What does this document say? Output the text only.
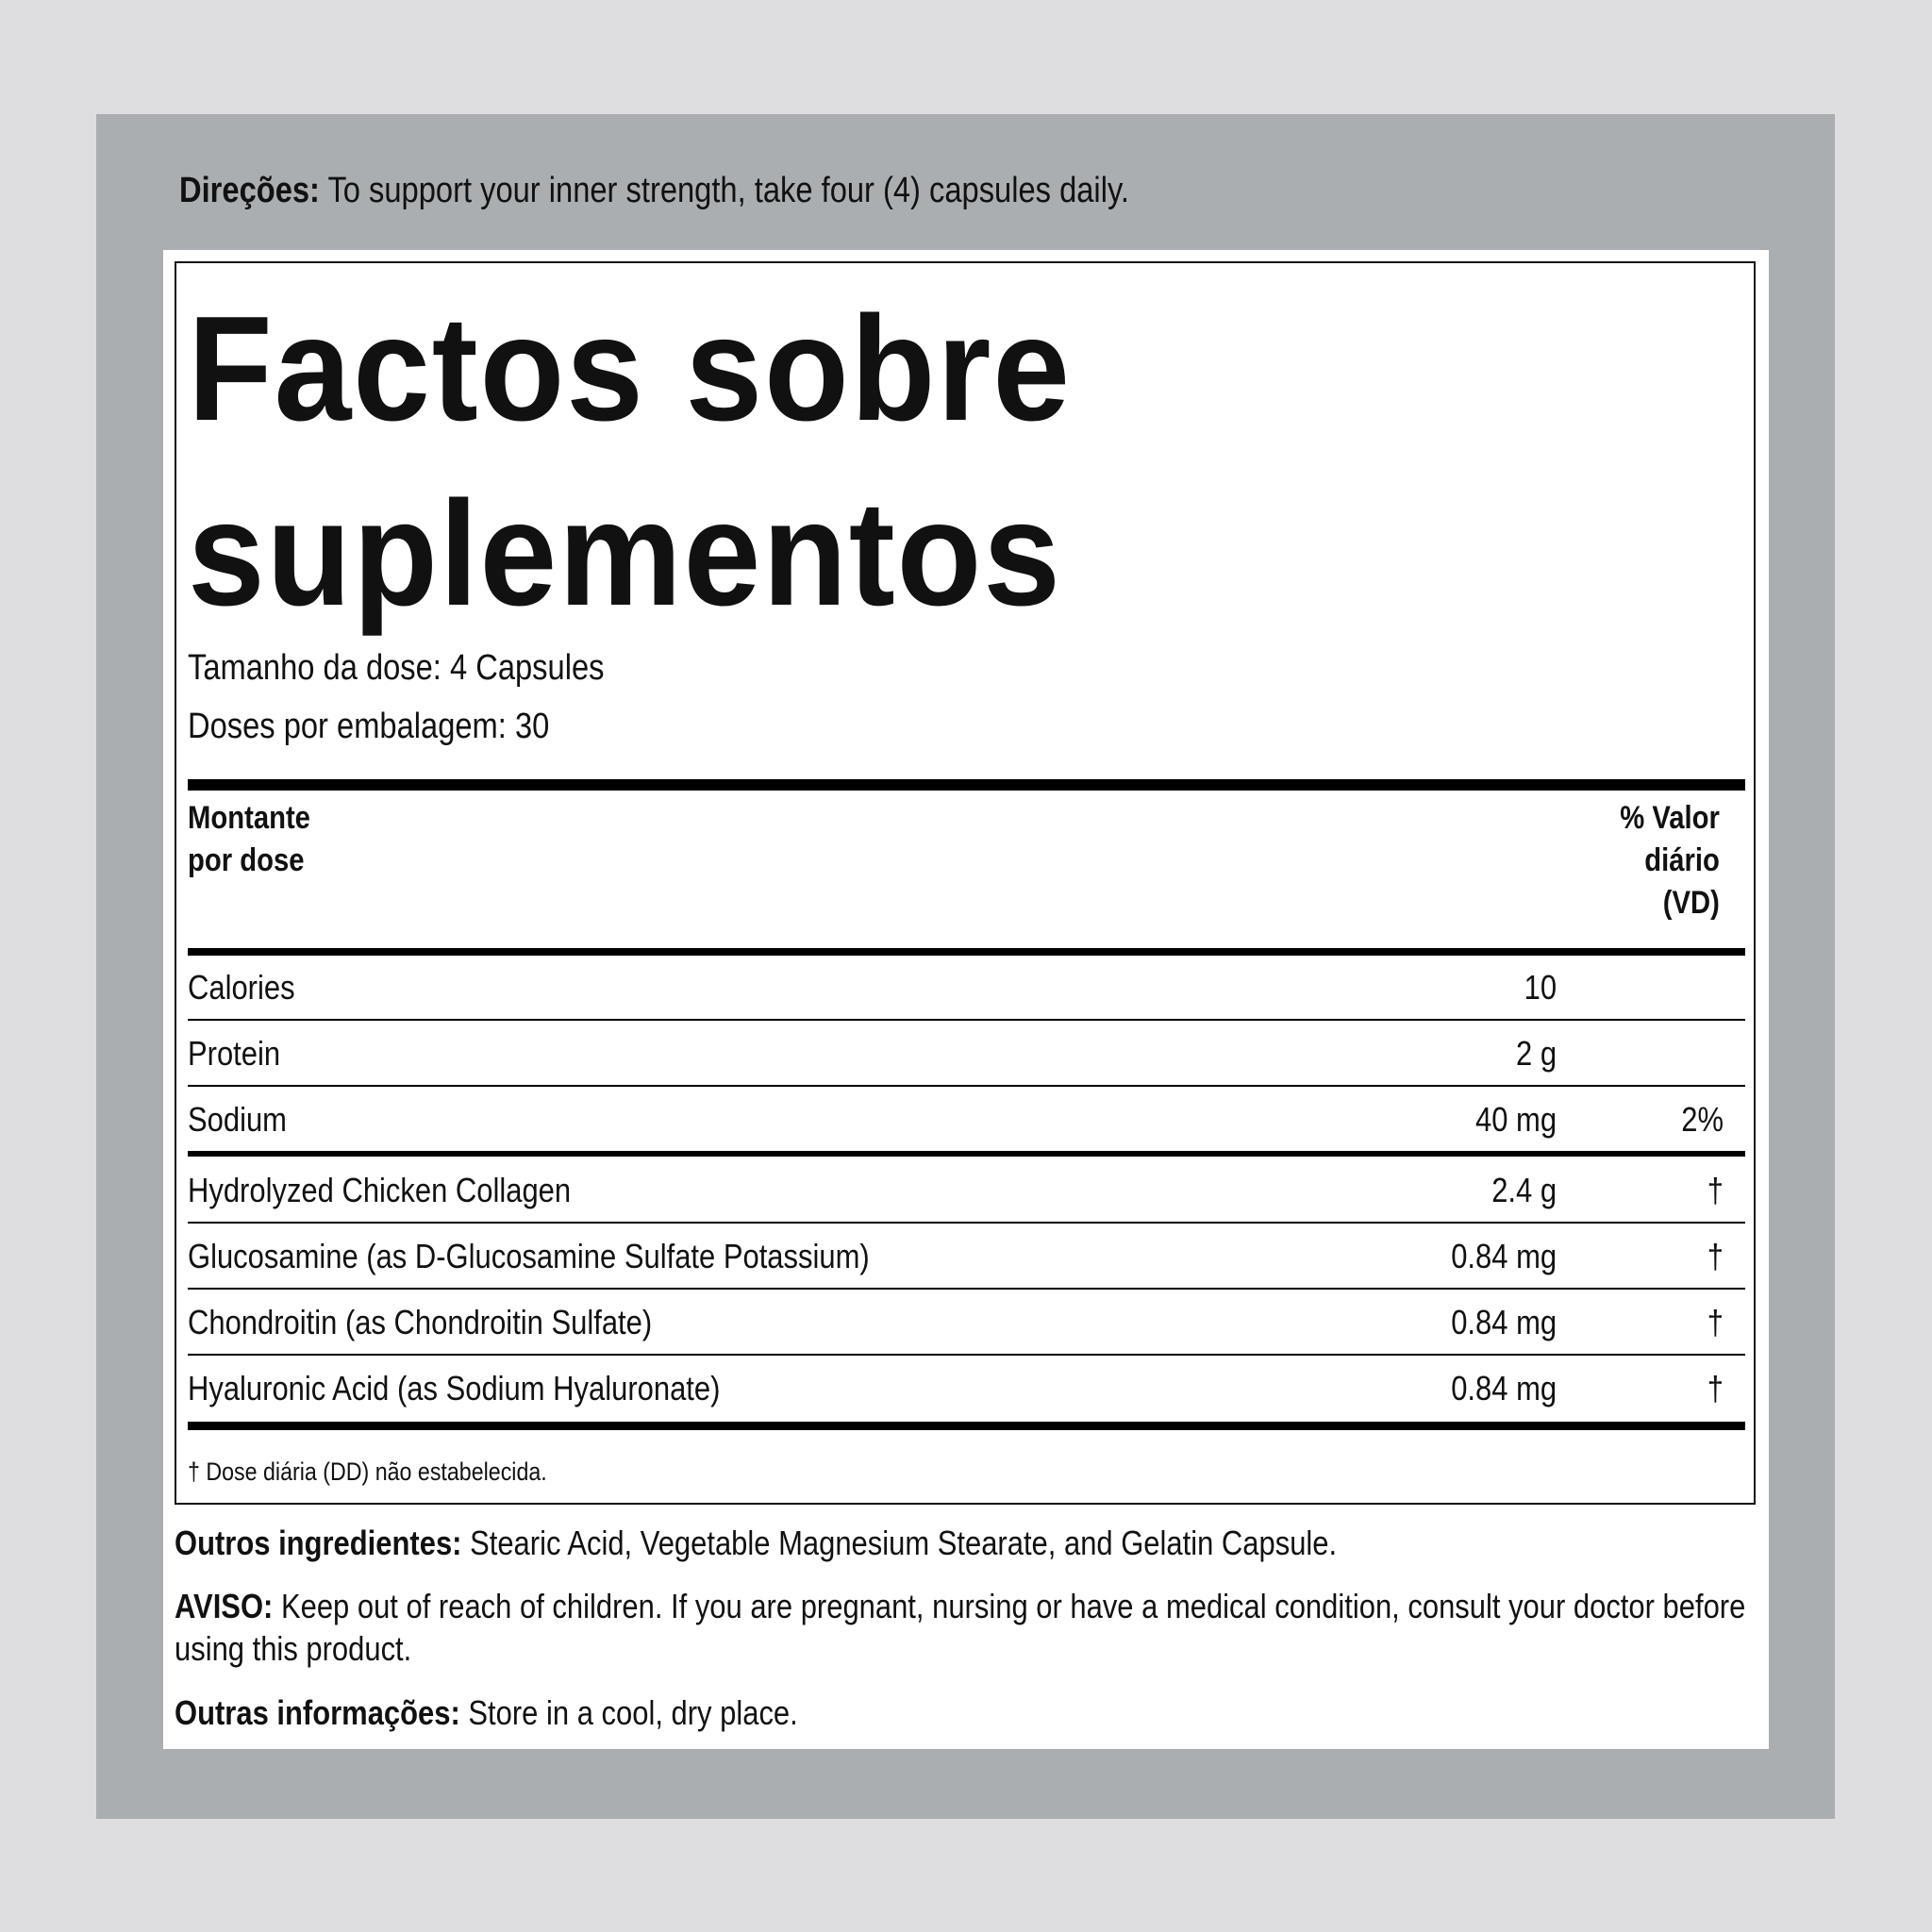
Direções: To support your inner strength, take four (4) capsules daily.
Factos sobre suplementos
Tamanho da dose: 4 Capsules
Doses por embalagem: 30
Montante
por dose
% Valor
diário
(VD)
Calories	10
Protein	2 g
Sodium	40 mg	2%
Hydrolyzed Chicken Collagen	2.4 g	†
Glucosamine (as D-Glucosamine Sulfate Potassium)	0.84 mg	†
Chondroitin (as Chondroitin Sulfate)	0.84 mg	†
Hyaluronic Acid (as Sodium Hyaluronate)	0.84 mg	†
† Dose diária (DD) não estabelecida.
Outros ingredientes: Stearic Acid, Vegetable Magnesium Stearate, and Gelatin Capsule.
AVISO: Keep out of reach of children. If you are pregnant, nursing or have a medical condition, consult your doctor before using this product.
Outras informações: Store in a cool, dry place.
